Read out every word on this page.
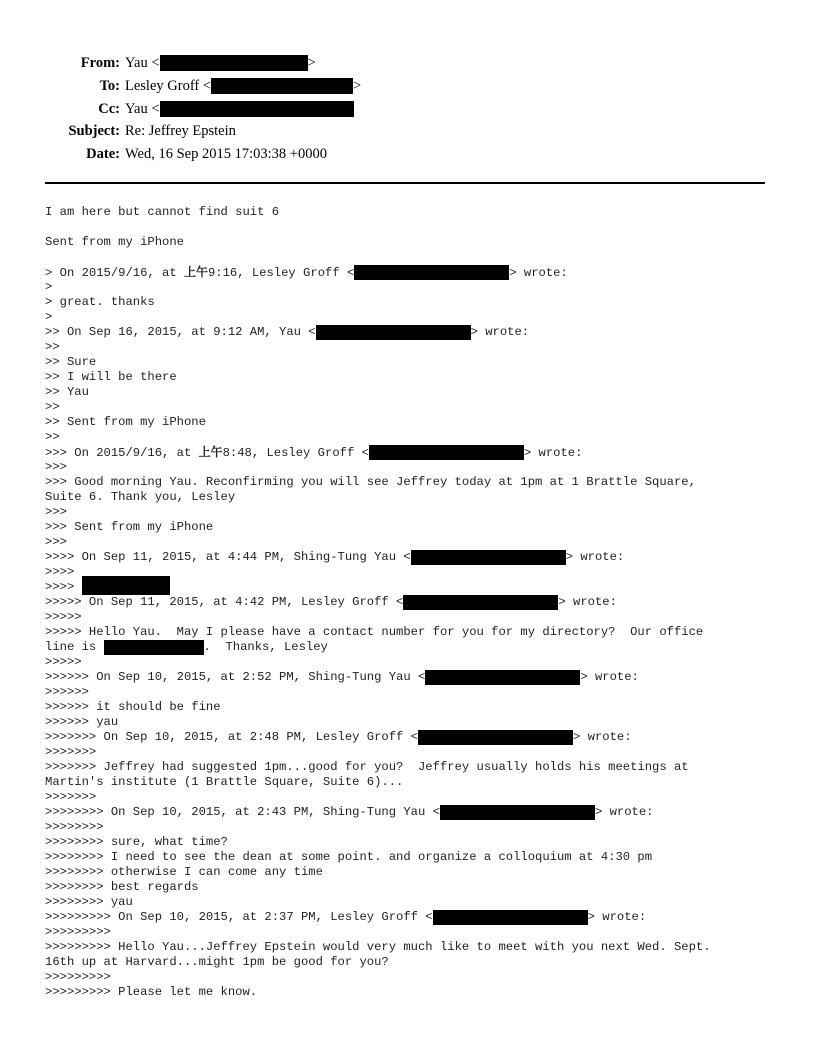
From: Yau <	>
To: Lesley Groff <	>
Cc: Yau <
Subject: Re: Jeffrey Epstein
Date: Wed, 16 Sep 2015 17:03:38 +0000
I am here but cannot find suit 6
Sent from my iPhone
> On 2015/9/16, at 上午9:16, Lesley Groff <	> wrote:
>
> great. thanks
>
>> On Sep 16, 2015, at 9:12 AM, Yau <	> wrote:
>>
>> Sure
>> I will be there
>> Yau
>>
>> Sent from my iPhone
>>
>>> On 2015/9/16, at 上午8:48, Lesley Groff <	> wrote:
>>>
>>> Good morning Yau. Reconfirming you will see Jeffrey today at 1pm at 1 Brattle Square,
Suite 6. Thank you, Lesley
>>>
>>> Sent from my iPhone
>>>
>>>> On Sep 11, 2015, at 4:44 PM, Shing-Tung Yau <	> wrote:
>>>>
>>>>
>>>>> On Sep 11, 2015, at 4:42 PM, Lesley Groff <	> wrote:
>>>>>
>>>>> Hello Yau.  May I please have a contact number for you for my directory?  Our office
line is	.  Thanks, Lesley
>>>>>
>>>>>> On Sep 10, 2015, at 2:52 PM, Shing-Tung Yau <	> wrote:
>>>>>>
>>>>>> it should be fine
>>>>>> yau
>>>>>>> On Sep 10, 2015, at 2:48 PM, Lesley Groff <	> wrote:
>>>>>>>
>>>>>>> Jeffrey had suggested 1pm...good for you?  Jeffrey usually holds his meetings at
Martin's institute (1 Brattle Square, Suite 6)...
>>>>>>>
>>>>>>>> On Sep 10, 2015, at 2:43 PM, Shing-Tung Yau <	> wrote:
>>>>>>>>
>>>>>>>> sure, what time?
>>>>>>>> I need to see the dean at some point. and organize a colloquium at 4:30 pm
>>>>>>>> otherwise I can come any time
>>>>>>>> best regards
>>>>>>>> yau
>>>>>>>>> On Sep 10, 2015, at 2:37 PM, Lesley Groff <	> wrote:
>>>>>>>>>
>>>>>>>>> Hello Yau...Jeffrey Epstein would very much like to meet with you next Wed. Sept.
16th up at Harvard...might 1pm be good for you?
>>>>>>>>>
>>>>>>>>> Please let me know.
